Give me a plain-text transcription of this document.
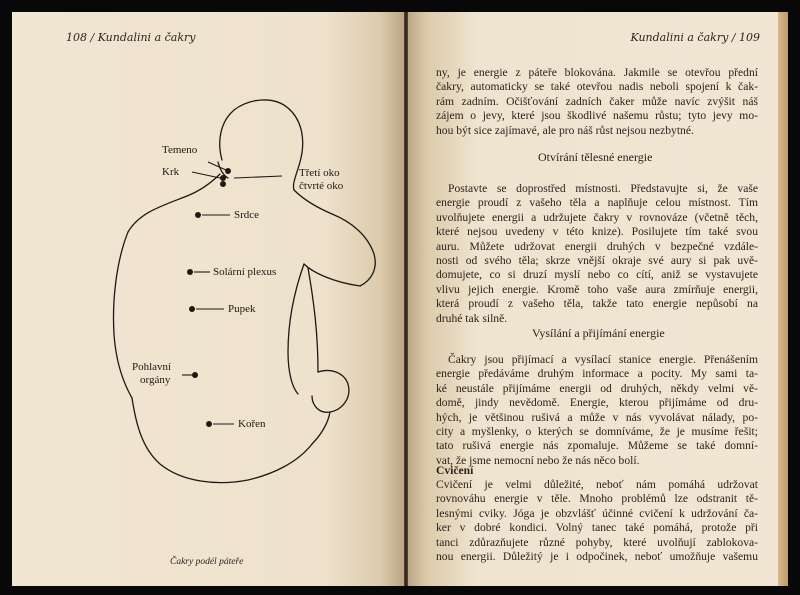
108 / Kundalini a čakry
Temeno
Krk	Třetí oko
čtvrté oko
Srdce
Solární plexus
Pupek
Pohlavní
orgány
Kořen
Čakry podél páteře
Kundalini a čakry / 109
ny, je energie z páteře blokována. Jakmile se otevřou přední
čakry, automaticky se také otevřou nadis neboli spojení k čak-
rám zadním. Očišťování zadních čaker může navíc zvýšit náš
zájem o jevy, které jsou škodlivé našemu růstu; tyto jevy mo-
hou být sice zajímavé, ale pro náš růst nejsou nezbytné.
Otvírání tělesné energie
Postavte se doprostřed místnosti. Představujte si, že vaše
energie proudí z vašeho těla a naplňuje celou místnost. Tím
uvolňujete energii a udržujete čakry v rovnováze (včetně těch,
které nejsou uvedeny v této knize). Posilujete tím také svou
auru. Můžete udržovat energii druhých v bezpečné vzdále-
nosti od svého těla; skrze vnější okraje své aury si pak uvě-
domujete, co si druzí myslí nebo co cítí, aniž se vystavujete
vlivu jejich energie. Kromě toho vaše aura zmírňuje energii,
která proudí z vašeho těla, takže tato energie nepůsobí na
druhé tak silně.
Vysílání a přijímání energie
Čakry jsou přijímací a vysílací stanice energie. Přenášením
energie předáváme druhým informace a pocity. My sami ta-
ké neustále přijímáme energii od druhých, někdy velmi vě-
domě, jindy nevědomě. Energie, kterou přijímáme od dru-
hých, je většinou rušivá a může v nás vyvolávat nálady, po-
city a myšlenky, o kterých se domníváme, že je musíme řešit;
tato rušivá energie nás zpomaluje. Můžeme se také domní-
vat, že jsme nemocní nebo že nás něco bolí.
Cvičení
Cvičení je velmi důležité, neboť nám pomáhá udržovat
rovnováhu energie v těle. Mnoho problémů lze odstranit tě-
lesnými cviky. Jóga je obzvlášť účinné cvičení k udržování ča-
ker v dobré kondici. Volný tanec také pomáhá, protože při
tanci zdůrazňujete různé pohyby, které uvolňují zablokova-
nou energii. Důležitý je i odpočinek, neboť umožňuje vašemu
